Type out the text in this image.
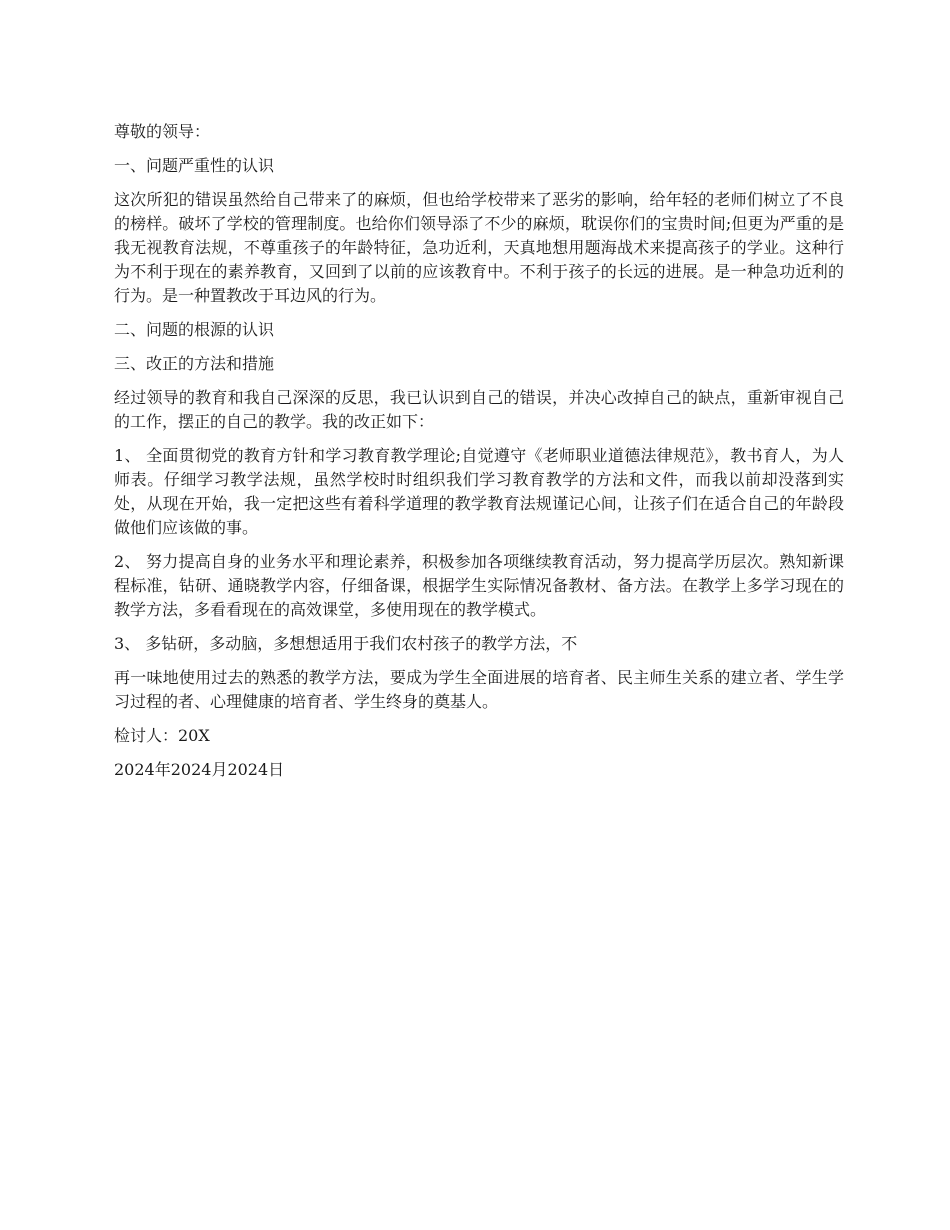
尊敬的领导：

一、问题严重性的认识

这次所犯的错误虽然给自己带来了的麻烦，但也给学校带来了恶劣的影响，给年轻的老师们树立了不良的榜样。破坏了学校的管理制度。也给你们领导添了不少的麻烦，耽误你们的宝贵时间;但更为严重的是我无视教育法规，不尊重孩子的年龄特征，急功近利，天真地想用题海战术来提高孩子的学业。这种行为不利于现在的素养教育，又回到了以前的应该教育中。不利于孩子的长远的进展。是一种急功近利的行为。是一种置教改于耳边风的行为。

二、问题的根源的认识

三、改正的方法和措施

经过领导的教育和我自己深深的反思，我已认识到自己的错误，并决心改掉自己的缺点，重新审视自己的工作，摆正的自己的教学。我的改正如下：

1、 全面贯彻党的教育方针和学习教育教学理论;自觉遵守《老师职业道德法律规范》，教书育人，为人师表。仔细学习教学法规，虽然学校时时组织我们学习教育教学的方法和文件，而我以前却没落到实处，从现在开始，我一定把这些有着科学道理的教学教育法规谨记心间，让孩子们在适合自己的年龄段做他们应该做的事。

2、 努力提高自身的业务水平和理论素养，积极参加各项继续教育活动，努力提高学历层次。熟知新课程标准，钻研、通晓教学内容，仔细备课，根据学生实际情况备教材、备方法。在教学上多学习现在的教学方法，多看看现在的高效课堂，多使用现在的教学模式。

3、 多钻研，多动脑，多想想适用于我们农村孩子的教学方法，不

再一味地使用过去的熟悉的教学方法，要成为学生全面进展的培育者、民主师生关系的建立者、学生学习过程的者、心理健康的培育者、学生终身的奠基人。

检讨人：20X

2024年2024月2024日
